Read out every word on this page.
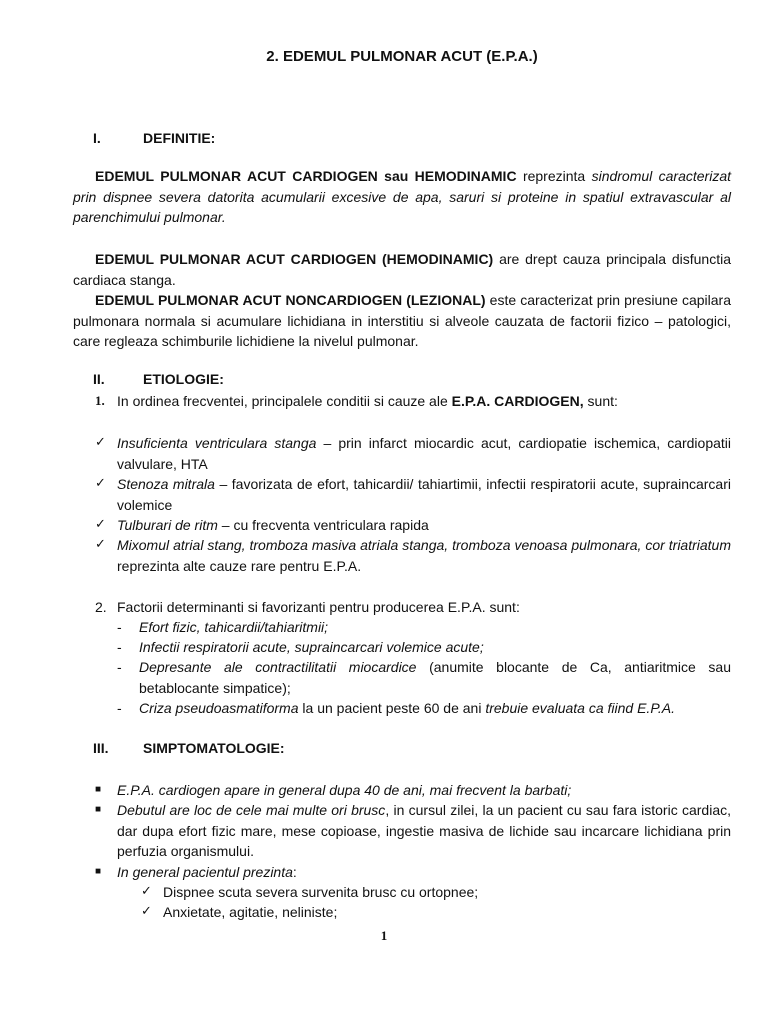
2. EDEMUL PULMONAR ACUT (E.P.A.)
I.	DEFINITIE:
EDEMUL PULMONAR ACUT CARDIOGEN sau HEMODINAMIC reprezinta sindromul caracterizat prin dispnee severa datorita acumularii excesive de apa, saruri si proteine in spatiul extravascular al parenchimului pulmonar.
EDEMUL PULMONAR ACUT CARDIOGEN (HEMODINAMIC) are drept cauza principala disfunctia cardiaca stanga.
EDEMUL PULMONAR ACUT NONCARDIOGEN (LEZIONAL) este caracterizat prin presiune capilara pulmonara normala si acumulare lichidiana in interstitiu si alveole cauzata de factorii fizico – patologici, care regleaza schimburile lichidiene la nivelul pulmonar.
II.	ETIOLOGIE:
1. In ordinea frecventei, principalele conditii si cauze ale E.P.A. CARDIOGEN, sunt:
✓ Insuficienta ventriculara stanga – prin infarct miocardic acut, cardiopatie ischemica, cardiopatii valvulare, HTA
✓ Stenoza mitrala – favorizata de efort, tahicardii/ tahiartimii, infectii respiratorii acute, supraincarcari volemice
✓ Tulburari de ritm – cu frecventa ventriculara rapida
✓ Mixomul atrial stang, tromboza masiva atriala stanga, tromboza venoasa pulmonara, cor triatriatum reprezinta alte cauze rare pentru E.P.A.
2. Factorii determinanti si favorizanti pentru producerea E.P.A. sunt:
- Efort fizic, tahicardii/tahiaritmii;
- Infectii respiratorii acute, supraincarcari volemice acute;
- Depresante ale contractilitatii miocardice (anumite blocante de Ca, antiaritmice sau betablocante simpatice);
- Criza pseudoasmatiforma la un pacient peste 60 de ani trebuie evaluata ca fiind E.P.A.
III. SIMPTOMATOLOGIE:
■ E.P.A. cardiogen apare in general dupa 40 de ani, mai frecvent la barbati;
■ Debutul are loc de cele mai multe ori brusc, in cursul zilei, la un pacient cu sau fara istoric cardiac, dar dupa efort fizic mare, mese copioase, ingestie masiva de lichide sau incarcare lichidiana prin perfuzia organismului.
■ In general pacientul prezinta:
✓ Dispnee scuta severa survenita brusc cu ortopnee;
✓ Anxietate, agitatie, neliniste;
1
